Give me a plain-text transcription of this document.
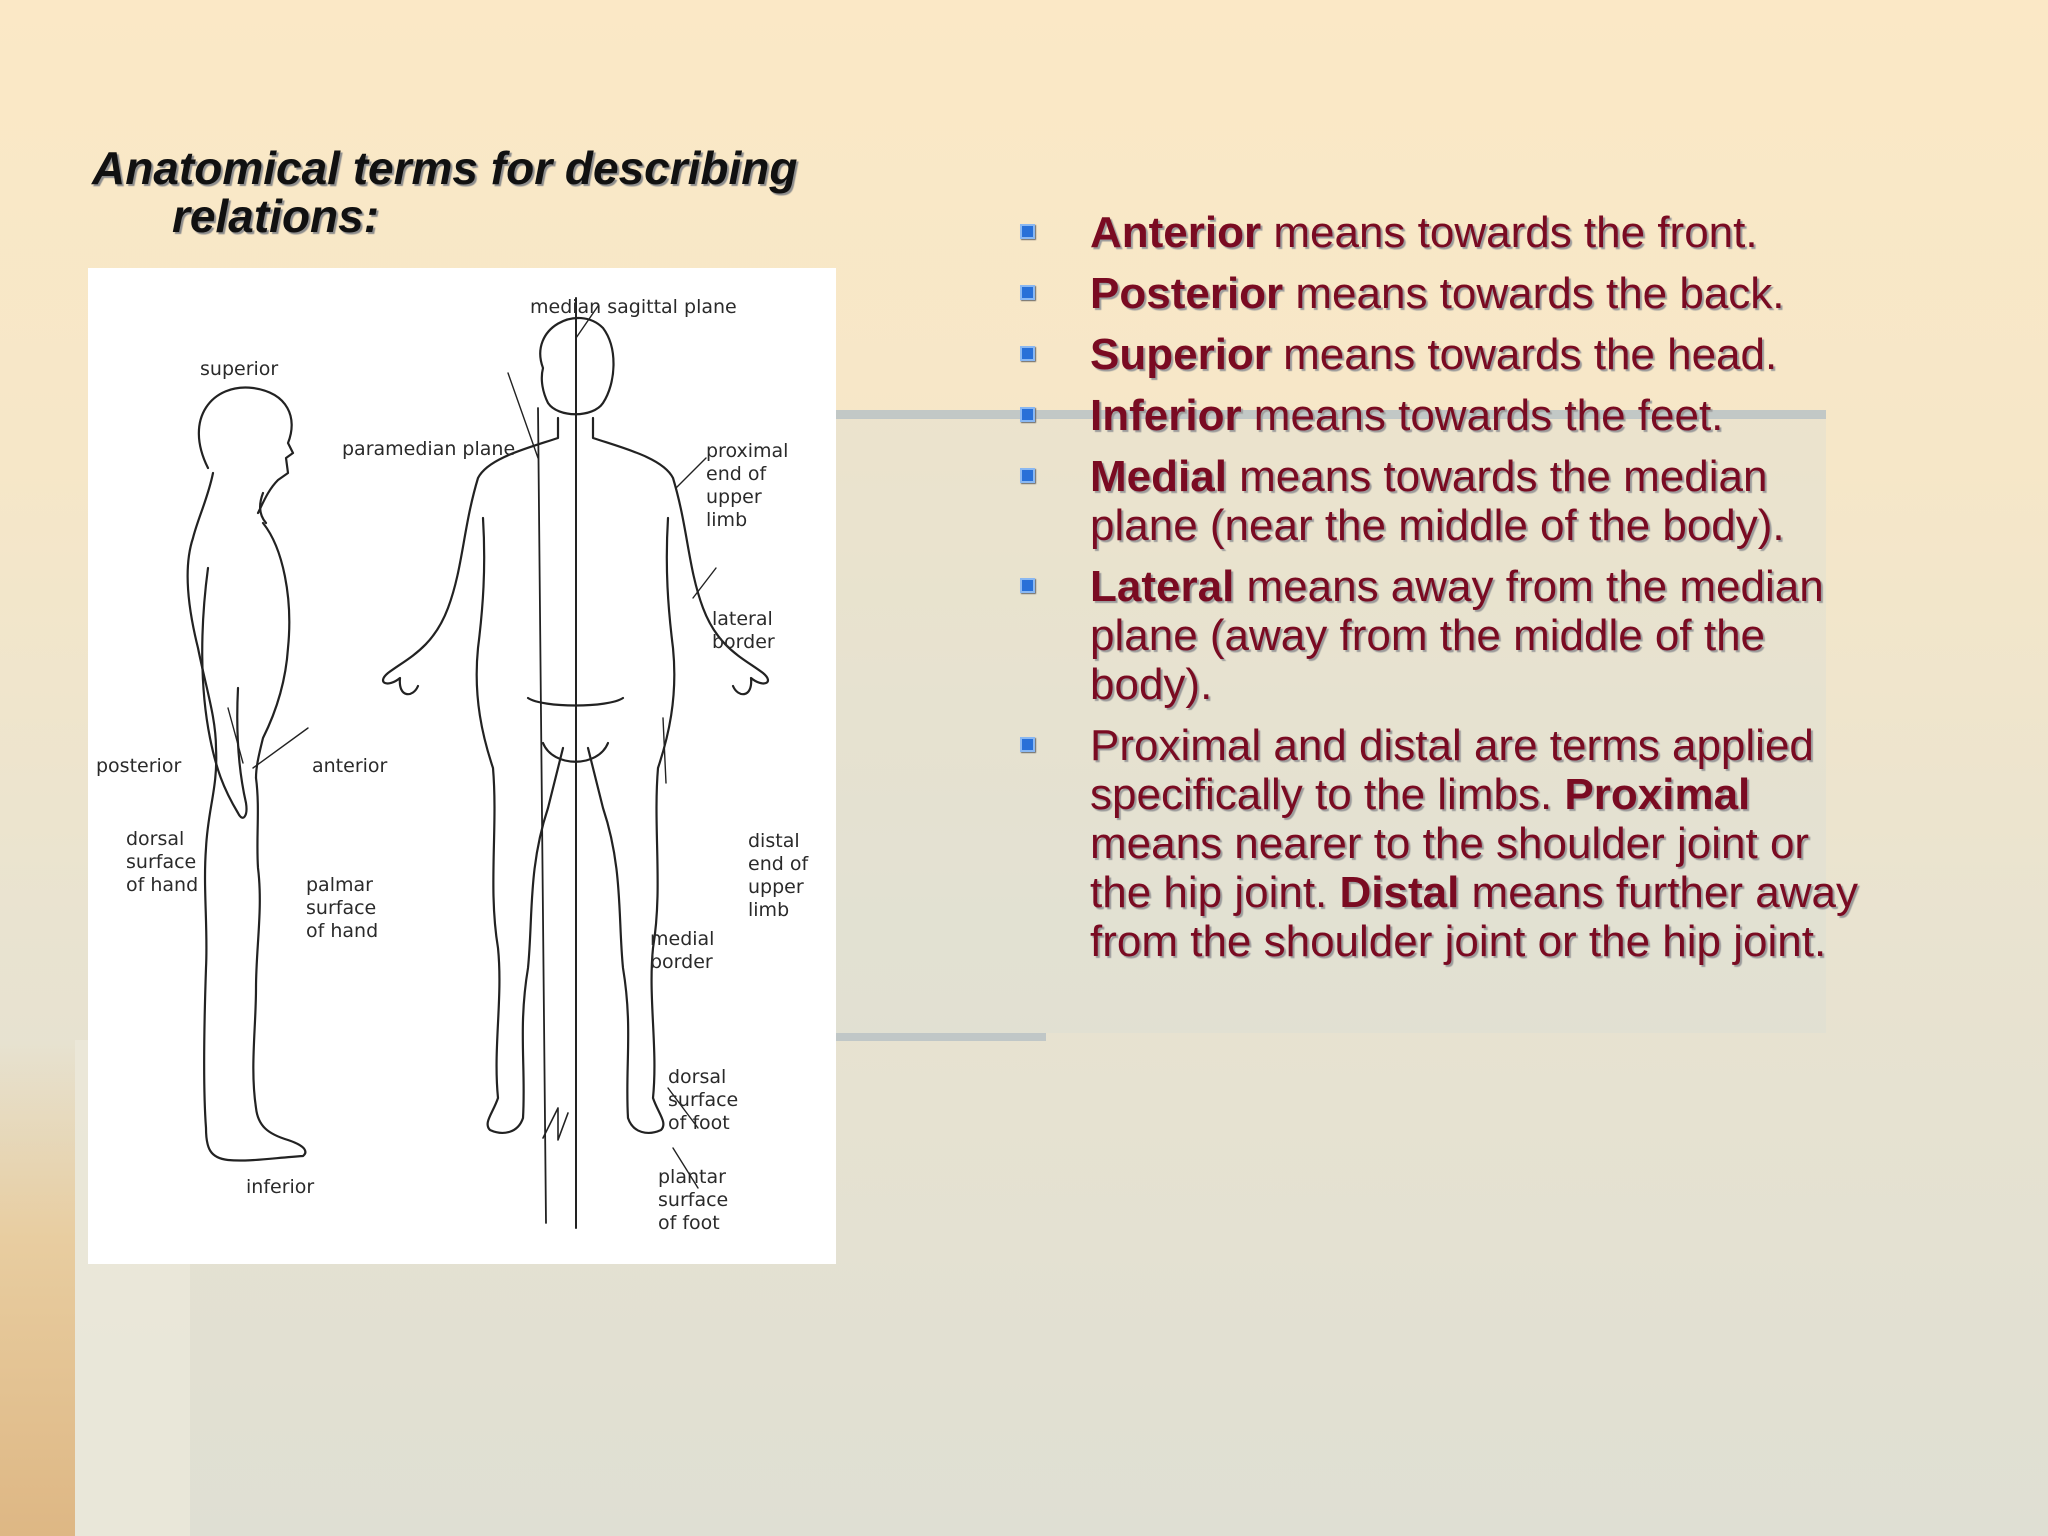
Anatomical terms for describing
relations:
median sagittal plane
superior
paramedian plane	proximal
end of
upper
limb
lateral
border
posterior	anterior
dorsal
surface
of hand	palmar
surface
of hand
distal
end of
upper
limb
medial
border
dorsal
surface
of foot
plantar
surface
of foot
inferior
Anterior means towards the front.
Posterior means towards the back.
Superior means towards the head.
Inferior means towards the feet.
Medial means towards the median plane (near the middle of the body).
Lateral means away from the median plane (away from the middle of the body).
Proximal and distal are terms applied specifically to the limbs. Proximal means nearer to the shoulder joint or the hip joint. Distal means further away from the shoulder joint or the hip joint.
